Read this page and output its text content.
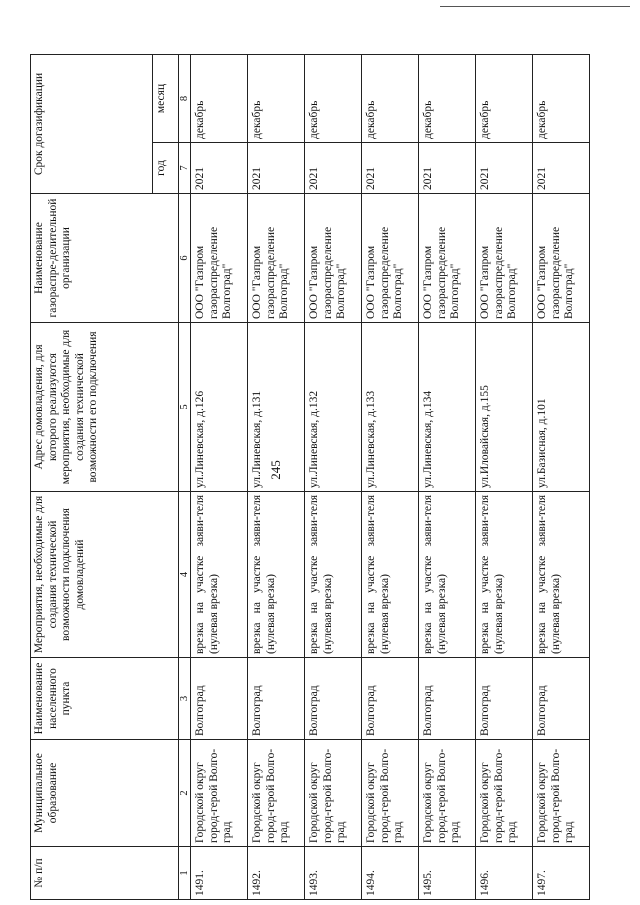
245
№ п/п	Муниципальное образование	Наименование населенного пункта	Мероприятия, необходимые для создания технической возможности подключения домовладений	Адрес домовладения, для которого реализуются мероприятия, необходимые для создания технической возможности его подключения	Наименование газораспре-делительной организации	Срок догазификации	
						год	месяц
1	2	3	4	5	6	7	8
1491.	Городской округ город-герой Волго-град	Волгоград	врезка на участке заяви-теля (нулевая врезка)	ул.Линевская, д.126	ООО "Газпром газораспределение Волгоград"	2021	декабрь
1492.	Городской округ город-герой Волго-град	Волгоград	врезка на участке заяви-теля (нулевая врезка)	ул.Линевская, д.131	ООО "Газпром газораспределение Волгоград"	2021	декабрь
1493.	Городской округ город-герой Волго-град	Волгоград	врезка на участке заяви-теля (нулевая врезка)	ул.Линевская, д.132	ООО "Газпром газораспределение Волгоград"	2021	декабрь
1494.	Городской округ город-герой Волго-град	Волгоград	врезка на участке заяви-теля (нулевая врезка)	ул.Линевская, д.133	ООО "Газпром газораспределение Волгоград"	2021	декабрь
1495.	Городской округ город-герой Волго-град	Волгоград	врезка на участке заяви-теля (нулевая врезка)	ул.Линевская, д.134	ООО "Газпром газораспределение Волгоград"	2021	декабрь
1496.	Городской округ город-герой Волго-град	Волгоград	врезка на участке заяви-теля (нулевая врезка)	ул.Иловайская, д.155	ООО "Газпром газораспределение Волгоград"	2021	декабрь
1497.	Городской округ город-герой Волго-град	Волгоград	врезка на участке заяви-теля (нулевая врезка)	ул.Базисная, д.101	ООО "Газпром газораспределение Волгоград"	2021	декабрь
